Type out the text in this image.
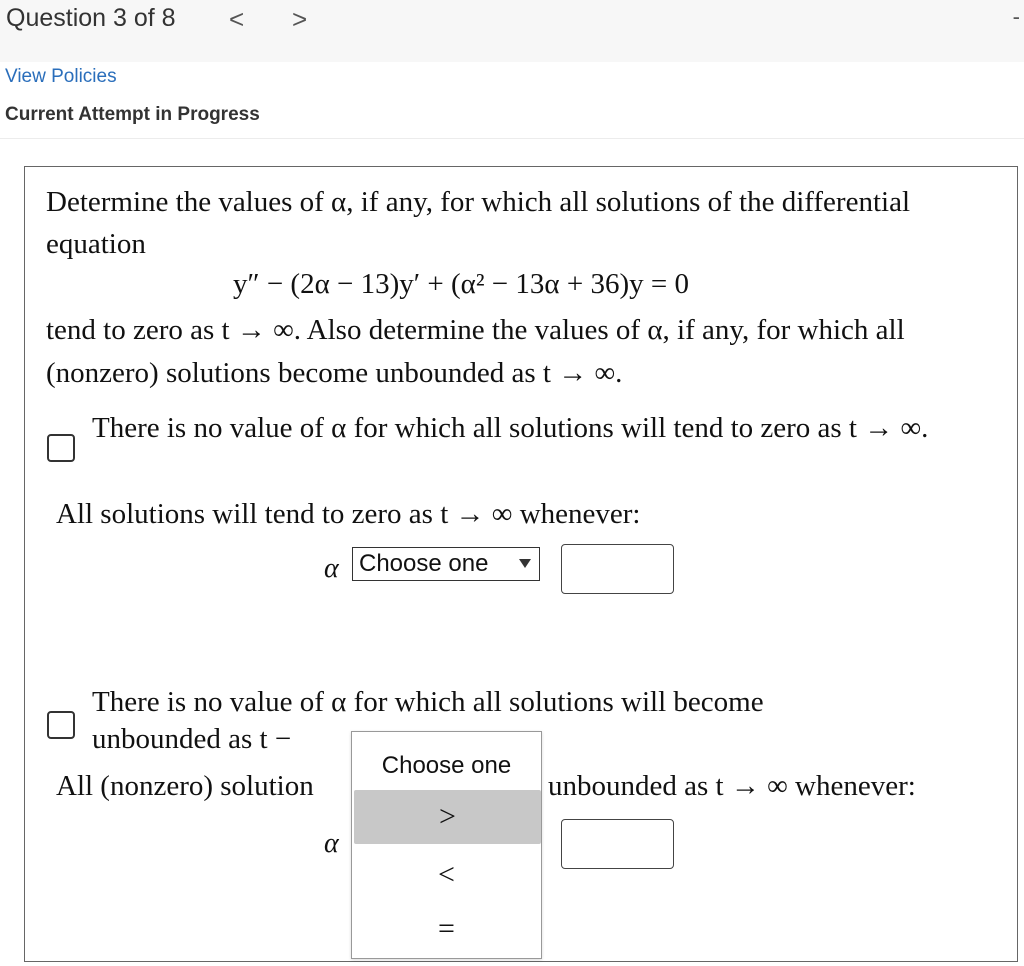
Question 3 of 8 < >	-
View Policies
Current Attempt in Progress
Determine the values of α, if any, for which all solutions of the differential equation
y″ − (2α − 13)y′ + (α² − 13α + 36)y = 0
tend to zero as t → ∞. Also determine the values of α, if any, for which all (nonzero) solutions become unbounded as t → ∞.
There is no value of α for which all solutions will tend to zero as t → ∞.
All solutions will tend to zero as t → ∞ whenever:
α Choose one
There is no value of α for which all solutions will become
unbounded as t −
All (nonzero) solution	unbounded as t → ∞ whenever:
α
Choose one
>
<
=
